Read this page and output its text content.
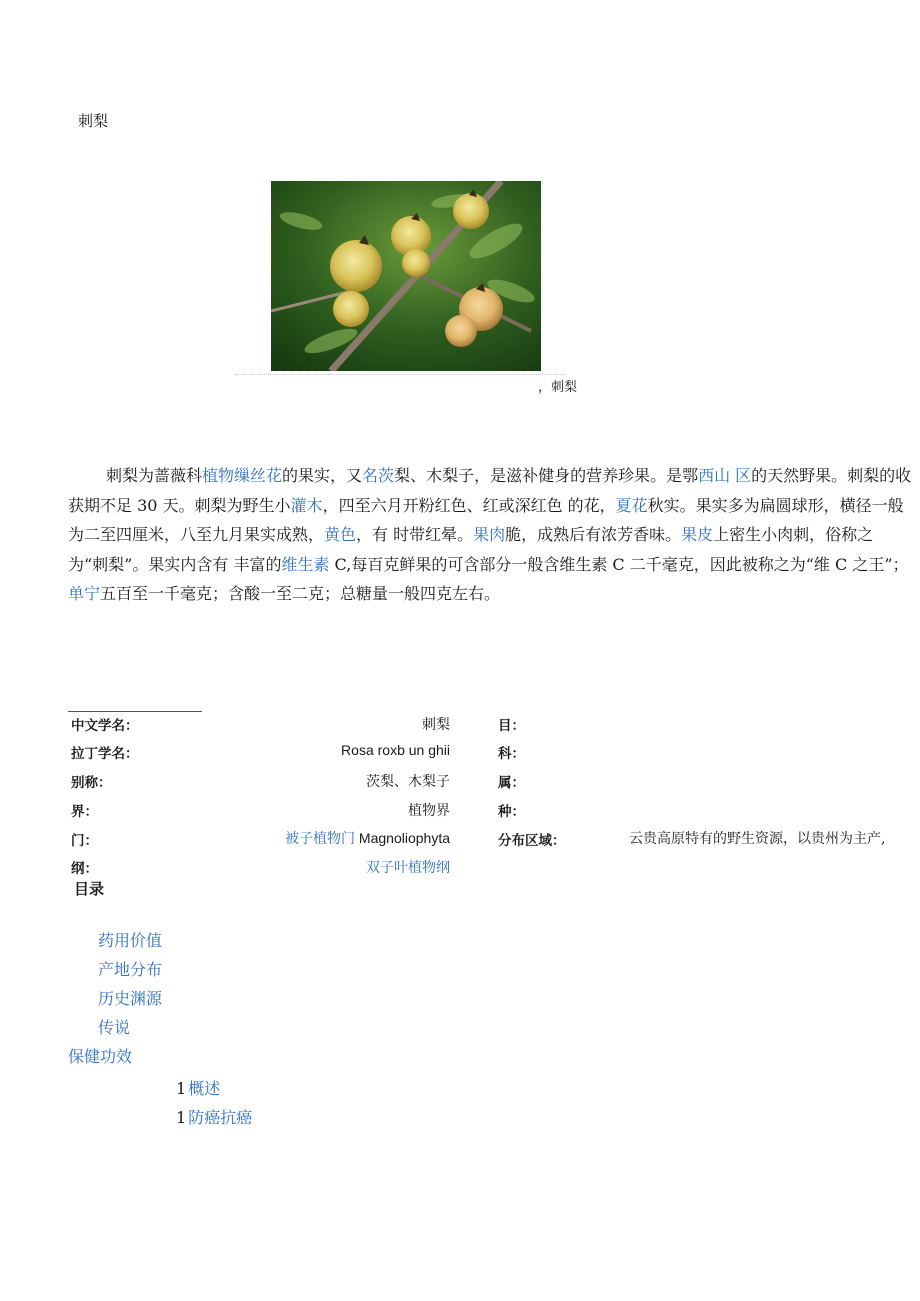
刺梨
，刺梨
刺梨为蔷薇科植物缫丝花的果实，又名茨梨、木梨子，是滋补健身的营养珍果。是鄂西山 区的天然野果。刺梨的收获期不足 30 天。刺梨为野生小灌木，四至六月开粉红色、红或深红色 的花，夏花秋实。果实多为扁圆球形，横径一般为二至四厘米，八至九月果实成熟，黄色，有 时带红晕。果肉脆，成熟后有浓芳香味。果皮上密生小肉刺，俗称之为“刺梨”。果实内含有 丰富的维生素 C,每百克鲜果的可含部分一般含维生素 C 二千毫克，因此被称之为“维 C 之王”； 单宁五百至一千毫克；含酸一至二克；总糖量一般四克左右。
中文学名：
拉丁学名：
别称：
界：
门：
纲：
刺梨
Rosa roxb un ghii
茨梨、木梨子
植物界
被子植物门 Magnoliophyta
双子叶植物纲
目：
科：
属：
种：
分布区域：	云贵高原特有的野生资源，以贵州为主产,
目录
药用价值
产地分布
历史渊源
传说
保健功效
1 概述
1 防癌抗癌
